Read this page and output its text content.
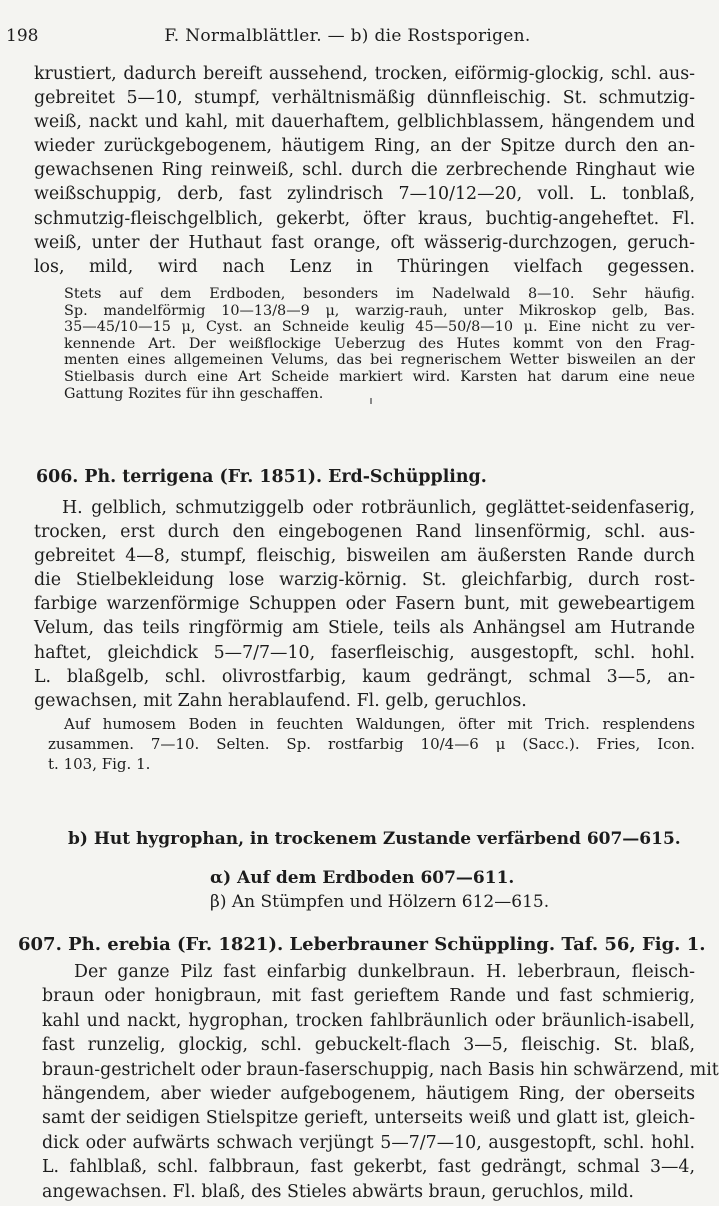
198	F. Normalblättler. — b) die Rostsporigen.
krustiert, dadurch bereift aussehend, trocken, eiförmig-glockig, schl. aus-
gebreitet 5—10, stumpf, verhältnismäßig dünnfleischig. St. schmutzig-
weiß, nackt und kahl, mit dauerhaftem, gelblichblassem, hängendem und
wieder zurückgebogenem, häutigem Ring, an der Spitze durch den an-
gewachsenen Ring reinweiß, schl. durch die zerbrechende Ringhaut wie
weißschuppig, derb, fast zylindrisch 7—10/12—20, voll. L. tonblaß,
schmutzig-fleischgelblich, gekerbt, öfter kraus, buchtig-angeheftet. Fl.
weiß, unter der Huthaut fast orange, oft wässerig-durchzogen, geruch-
los, mild, wird nach Lenz in Thüringen vielfach gegessen.
Stets auf dem Erdboden, besonders im Nadelwald 8—10. Sehr häufig.
Sp. mandelförmig 10—13/8—9 μ, warzig-rauh, unter Mikroskop gelb, Bas.
35—45/10—15 μ, Cyst. an Schneide keulig 45—50/8—10 μ. Eine nicht zu ver-
kennende Art. Der weißflockige Ueberzug des Hutes kommt von den Frag-
menten eines allgemeinen Velums, das bei regnerischem Wetter bisweilen an der
Stielbasis durch eine Art Scheide markiert wird. Karsten hat darum eine neue
Gattung Rozites für ihn geschaffen.
606. Ph. terrigena (Fr. 1851). Erd-Schüppling.
H. gelblich, schmutziggelb oder rotbräunlich, geglättet-seidenfaserig,
trocken, erst durch den eingebogenen Rand linsenförmig, schl. aus-
gebreitet 4—8, stumpf, fleischig, bisweilen am äußersten Rande durch
die Stielbekleidung lose warzig-körnig. St. gleichfarbig, durch rost-
farbige warzenförmige Schuppen oder Fasern bunt, mit gewebeartigem
Velum, das teils ringförmig am Stiele, teils als Anhängsel am Hutrande
haftet, gleichdick 5—7/7—10, faserfleischig, ausgestopft, schl. hohl.
L. blaßgelb, schl. olivrostfarbig, kaum gedrängt, schmal 3—5, an-
gewachsen, mit Zahn herablaufend. Fl. gelb, geruchlos.
Auf humosem Boden in feuchten Waldungen, öfter mit Trich. resplendens
zusammen. 7—10. Selten. Sp. rostfarbig 10/4—6 μ (Sacc.). Fries, Icon.
t. 103, Fig. 1.
b) Hut hygrophan, in trockenem Zustande verfärbend 607—615.
α) Auf dem Erdboden 607—611.
β) An Stümpfen und Hölzern 612—615.
607. Ph. erebia (Fr. 1821). Leberbrauner Schüppling. Taf. 56, Fig. 1.
Der ganze Pilz fast einfarbig dunkelbraun. H. leberbraun, fleisch-
braun oder honigbraun, mit fast gerieftem Rande und fast schmierig,
kahl und nackt, hygrophan, trocken fahlbräunlich oder bräunlich-isabell,
fast runzelig, glockig, schl. gebuckelt-flach 3—5, fleischig. St. blaß,
braun-gestrichelt oder braun-faserschuppig, nach Basis hin schwärzend, mit
hängendem, aber wieder aufgebogenem, häutigem Ring, der oberseits
samt der seidigen Stielspitze gerieft, unterseits weiß und glatt ist, gleich-
dick oder aufwärts schwach verjüngt 5—7/7—10, ausgestopft, schl. hohl.
L. fahlblaß, schl. falbbraun, fast gekerbt, fast gedrängt, schmal 3—4,
angewachsen. Fl. blaß, des Stieles abwärts braun, geruchlos, mild.
